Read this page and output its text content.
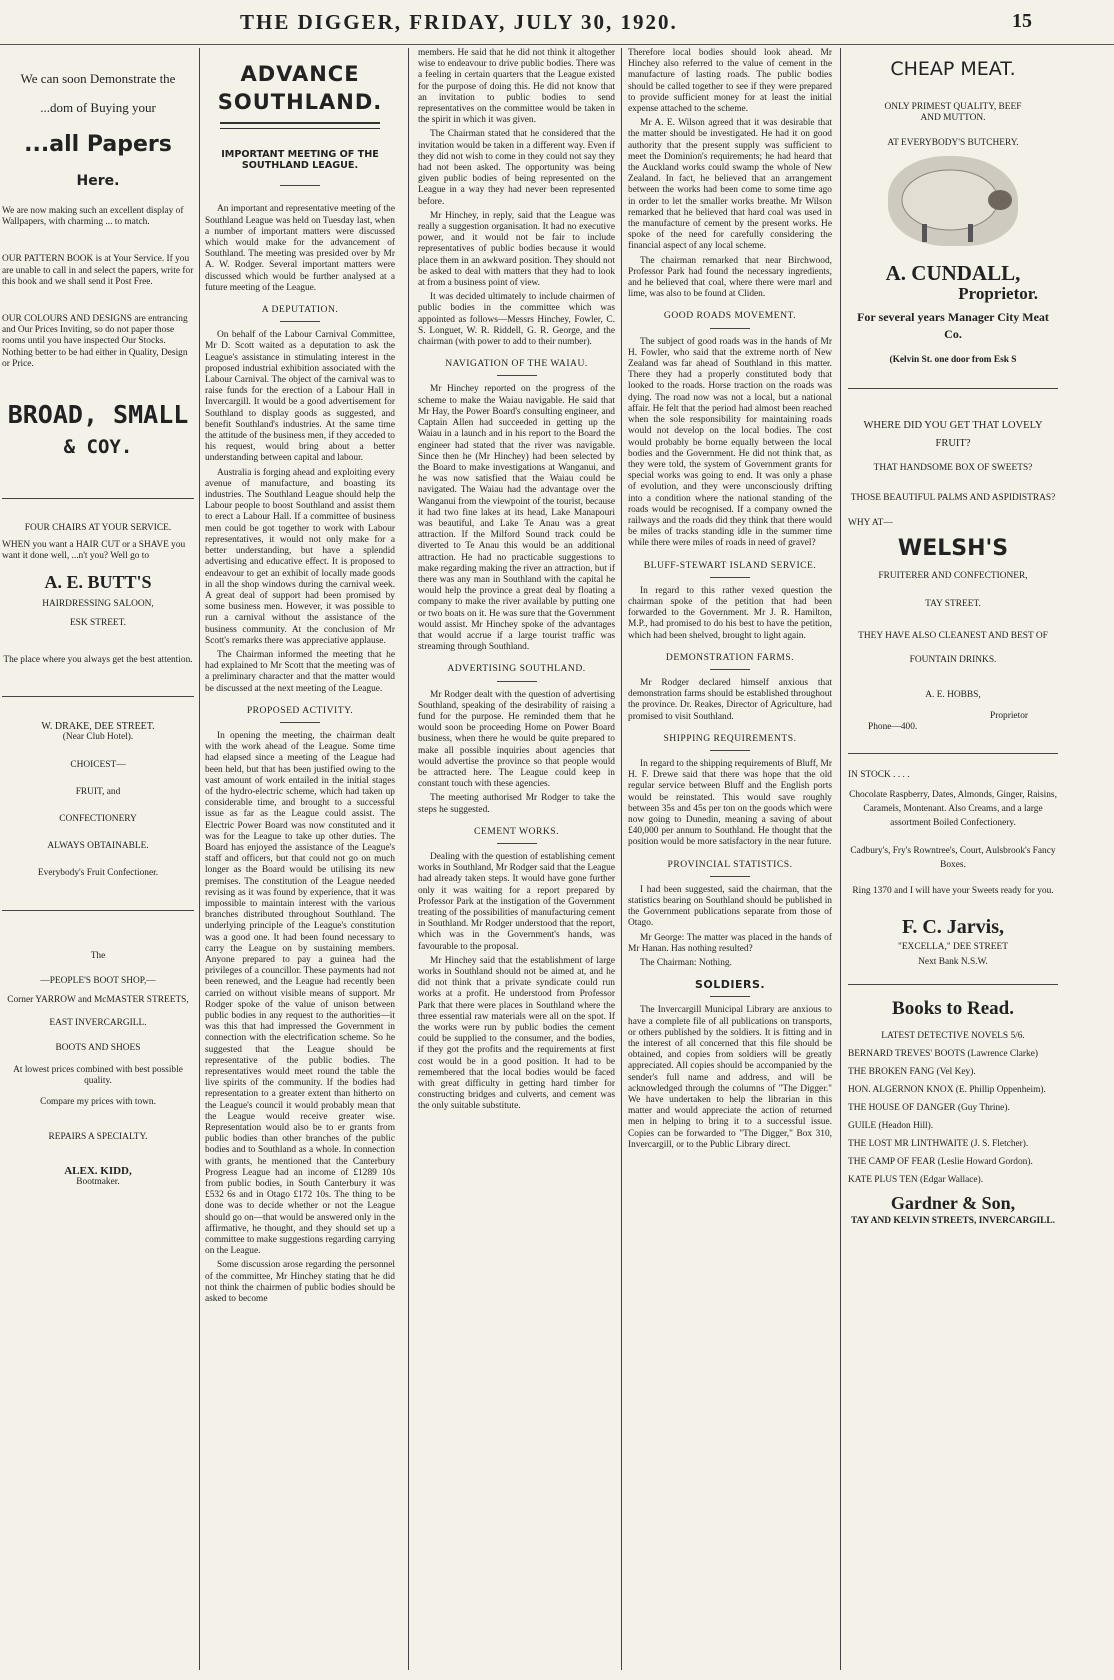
THE DIGGER, FRIDAY, JULY 30, 1920.	15
We can soon Demonstrate the
...dom of Buying your
...all Papers
Here.

We are now making such an excellent display of Wallpapers, with charming ... to match.

OUR PATTERN BOOK is at Your Service. If you are unable to call in and select the papers, write for this book and we shall send it Post Free.

OUR COLOURS AND DESIGNS are entrancing and Our Prices Inviting, so do not paper those rooms until you have inspected Our Stocks. Nothing better to be had either in Quality, Design or Price.

BROAD, SMALL
& COY.
FOUR CHAIRS AT YOUR SERVICE.

WHEN you want a HAIR CUT or a SHAVE you want it done well, ...n't you? Well go to

A. E. BUTT'S
HAIRDRESSING SALOON,
ESK STREET.

The place where you always get the best attention.

W. DRAKE, DEE STREET.
(Near Club Hotel).
CHOICEST—
FRUIT, and
CONFECTIONERY
ALWAYS OBTAINABLE.
Everybody's Fruit Confectioner.
The
—PEOPLE'S BOOT SHOP,—
Corner YARROW and McMASTER STREETS,
EAST INVERCARGILL.
BOOTS AND SHOES
At lowest prices combined with best possible quality.
Compare my prices with town.
REPAIRS A SPECIALTY.
ALEX. KIDD,
Bootmaker.
ADVANCE SOUTHLAND.
IMPORTANT MEETING OF THE SOUTHLAND LEAGUE.

An important and representative meeting of the Southland League was held on Tuesday last, when a number of important matters were discussed which would make for the advancement of Southland. The meeting was presided over by Mr A. W. Rodger. Several important matters were discussed which would be further analysed at a future meeting of the League.

A DEPUTATION.

On behalf of the Labour Carnival Committee, Mr D. Scott waited as a deputation to ask the League's assistance in stimulating interest in the proposed industrial exhibition associated with the Labour Carnival. The object of the carnival was to raise funds for the erection of a Labour Hall in Invercargill. It would be a good advertisement for Southland to display goods as suggested, and benefit Southland's industries. At the same time the attitude of the business men, if they acceded to his request, would bring about a better understanding between capital and labour.

Australia is forging ahead and exploiting every avenue of manufacture, and boasting its industries. The Southland League should help the Labour people to boost Southland and assist them to erect a Labour Hall. If a committee of business men could be got together to work with Labour representatives, it would not only make for a better understanding, but have a splendid advertising and educative effect. It is proposed to endeavour to get an exhibit of locally made goods in all the shop windows during the carnival week. A great deal of support had been promised by some business men. However, it was possible to run a carnival without the assistance of the business community. At the conclusion of Mr Scott's remarks there was appreciative applause.

The Chairman informed the meeting that he had explained to Mr Scott that the meeting was of a preliminary character and that the matter would be discussed at the next meeting of the League.

PROPOSED ACTIVITY.

In opening the meeting, the chairman dealt with the work ahead of the League. Some time had elapsed since a meeting of the League had been held, but that has been justified owing to the vast amount of work entailed in the initial stages of the hydro-electric scheme, which had taken up considerable time, and brought to a successful issue as far as the League could assist. The Electric Power Board was now constituted and it was for the League to take up other duties. The Board has enjoyed the assistance of the League's staff and officers, but that could not go on much longer as the Board would be utilising its new premises. The constitution of the League needed revising as it was found by experience, that it was impossible to maintain interest with the various branches distributed throughout Southland. The underlying principle of the League's constitution was a good one. It had been found necessary to carry the League on by sustaining members. Anyone prepared to pay a guinea had the privileges of a councillor. These payments had not been renewed, and the League had recently been carried on without visible means of support. Mr Rodger spoke of the value of unison between public bodies in any request to the authorities—it was this that had impressed the Government in connection with the electrification scheme. So he suggested that the League should be representative of the public bodies. The representatives would meet round the table the live spirits of the community. If the bodies had representation to a greater extent than hitherto on the League's council it would probably mean that the League would receive greater wise. Representation would also be to er grants from public bodies than other branches of the public bodies and to Southland as a whole. In connection with grants, he mentioned that the Canterbury Progress League had an income of £1289 10s from public bodies, in South Canterbury it was £532 6s and in Otago £172 10s. The thing to be done was to decide whether or not the League should go on—that would be answered only in the affirmative, he thought, and they should set up a committee to make suggestions regarding carrying on the League.

Some discussion arose regarding the personnel of the committee, Mr Hinchey stating that he did not think the chairmen of public bodies should be asked to become

members. He said that he did not think it altogether wise to endeavour to drive public bodies. There was a feeling in certain quarters that the League existed for the purpose of doing this. He did not know that an invitation to public bodies to send representatives on the committee would be taken in the spirit in which it was given.

The Chairman stated that he considered that the invitation would be taken in a different way. Even if they did not wish to come in they could not say they had not been asked. The opportunity was being given public bodies of being represented on the League in a way they had never been represented before.

Mr Hinchey, in reply, said that the League was really a suggestion organisation. It had no executive power, and it would not be fair to include representatives of public bodies because it would place them in an awkward position. They should not be asked to deal with matters that they had to look at from a business point of view.

It was decided ultimately to include chairmen of public bodies in the committee which was appointed as follows—Messrs Hinchey, Fowler, C. S. Longuet, W. R. Riddell, G. R. George, and the chairman (with power to add to their number).

NAVIGATION OF THE WAIAU.

Mr Hinchey reported on the progress of the scheme to make the Waiau navigable. He said that Mr Hay, the Power Board's consulting engineer, and Captain Allen had succeeded in getting up the Waiau in a launch and in his report to the Board the engineer had stated that the river was navigable. Since then he (Mr Hinchey) had been selected by the Board to make investigations at Wanganui, and he was now satisfied that the Waiau could be navigated. The Waiau had the advantage over the Wanganui from the viewpoint of the tourist, because it had two fine lakes at its head, Lake Manapouri was beautiful, and Lake Te Anau was a great attraction. If the Milford Sound track could be diverted to Te Anau this would be an additional attraction. He had no practicable suggestions to make regarding making the river an attraction, but if there was any man in Southland with the capital he would help the province a great deal by floating a company to make the river available by putting one or two boats on it. He was sure that the Government would assist. Mr Hinchey spoke of the advantages that would accrue if a large tourist traffic was streaming through Southland.

ADVERTISING SOUTHLAND.

Mr Rodger dealt with the question of advertising Southland, speaking of the desirability of raising a fund for the purpose. He reminded them that he would soon be proceeding Home on Power Board business, when there he would be quite prepared to make all possible inquiries about agencies that would advertise the province so that people would be attracted here. The League could keep in constant touch with these agencies.

The meeting authorised Mr Rodger to take the steps he suggested.

CEMENT WORKS.

Dealing with the question of establishing cement works in Southland, Mr Rodger said that the League had already taken steps. It would have gone further only it was waiting for a report prepared by Professor Park at the instigation of the Government treating of the possibilities of manufacturing cement in Southland. Mr Rodger understood that the report, which was in the Government's hands, was favourable to the proposal.

Mr Hinchey said that the establishment of large works in Southland should not be aimed at, and he did not think that a private syndicate could run works at a profit. He understood from Professor Park that there were places in Southland where the three essential raw materials were all on the spot. If the works were run by public bodies the cement could be supplied to the consumer, and the bodies, if they got the profits and the requirements at first cost would be in a good position. It had to be remembered that the local bodies would be faced with great difficulty in getting hard timber for constructing bridges and culverts, and cement was the only suitable substitute.

Therefore local bodies should look ahead. Mr Hinchey also referred to the value of cement in the manufacture of lasting roads. The public bodies should be called together to see if they were prepared to provide sufficient money for at least the initial expense attached to the scheme.

Mr A. E. Wilson agreed that it was desirable that the matter should be investigated. He had it on good authority that the present supply was sufficient to meet the Dominion's requirements; he had heard that the Auckland works could swamp the whole of New Zealand. In fact, he believed that an arrangement between the works had been come to some time ago in order to let the smaller works breathe. Mr Wilson remarked that he believed that hard coal was used in the manufacture of cement by the present works. He spoke of the need for carefully considering the financial aspect of any local scheme.

The chairman remarked that near Birchwood, Professor Park had found the necessary ingredients, and he believed that coal, where there were marl and lime, was also to be found at Cliden.

GOOD ROADS MOVEMENT.

The subject of good roads was in the hands of Mr H. Fowler, who said that the extreme north of New Zealand was far ahead of Southland in this matter. There they had a properly constituted body that looked to the roads. Horse traction on the roads was dying. The road now was not a local, but a national affair. He felt that the period had almost been reached when the sole responsibility for maintaining roads would not develop on the local bodies. The cost would probably be borne equally between the local bodies and the Government. He did not think that, as they were told, the system of Government grants for special works was going to end. It was only a phase of evolution, and they were unconsciously drifting into a condition where the national standing of the roads would be recognised. If a company owned the railways and the roads did they think that there would be miles of tracks standing idle in the summer time while there were miles of roads in need of gravel?

BLUFF-STEWART ISLAND SERVICE.

In regard to this rather vexed question the chairman spoke of the petition that had been forwarded to the Government. Mr J. R. Hamilton, M.P., had promised to do his best to have the petition, which had been shelved, brought to light again.

DEMONSTRATION FARMS.

Mr Rodger declared himself anxious that demonstration farms should be established throughout the province. Dr. Reakes, Director of Agriculture, had promised to visit Southland.

SHIPPING REQUIREMENTS.

In regard to the shipping requirements of Bluff, Mr H. F. Drewe said that there was hope that the old regular service between Bluff and the English ports would be reinstated. This would save roughly between 35s and 45s per ton on the goods which were now going to Dunedin, meaning a saving of about £40,000 per annum to Southland. He thought that the position would be more satisfactory in the near future.

PROVINCIAL STATISTICS.

I had been suggested, said the chairman, that the statistics bearing on Southland should be published in the Government publications separate from those of Otago.

Mr George: The matter was placed in the hands of Mr Hanan. Has nothing resulted?

The Chairman: Nothing.

SOLDIERS.

The Invercargill Municipal Library are anxious to have a complete file of all publications on transports, or others published by the soldiers. It is fitting and in the interest of all concerned that this file should be obtained, and copies from soldiers will be greatly appreciated. All copies should be accompanied by the sender's full name and address, and will be acknowledged through the columns of "The Digger." We have undertaken to help the librarian in this matter and would appreciate the action of returned men in helping to bring it to a successful issue. Copies can be forwarded to "The Digger," Box 310, Invercargill, or to the Public Library direct.

CHEAP MEAT.
ONLY PRIMEST QUALITY, BEEF AND MUTTON.
AT EVERYBODY'S BUTCHERY.
A. CUNDALL,
Proprietor.
For several years Manager City Meat Co.
(Kelvin St. one door from Esk S
WHERE DID YOU GET THAT LOVELY FRUIT?
THAT HANDSOME BOX OF SWEETS?
THOSE BEAUTIFUL PALMS AND ASPIDISTRAS?
WHY AT—
WELSH'S
FRUITERER AND CONFECTIONER,
TAY STREET.
THEY HAVE ALSO CLEANEST AND BEST OF FOUNTAIN DRINKS.
A. E. HOBBS,
Proprietor
Phone—400.
IN STOCK . . . .
Chocolate Raspberry, Dates, Almonds, Ginger, Raisins, Caramels, Montenant. Also Creams, and a large assortment Boiled Confectionery.
Cadbury's, Fry's Rowntree's, Court, Aulsbrook's Fancy Boxes.
Ring 1370 and I will have your Sweets ready for you.
F. C. Jarvis,
"EXCELLA," DEE STREET
Next Bank N.S.W.
Books to Read.
LATEST DETECTIVE NOVELS 5/6.
BERNARD TREVES' BOOTS (Lawrence Clarke)
THE BROKEN FANG (Vel Key).
HON. ALGERNON KNOX (E. Phillip Oppenheim).
THE HOUSE OF DANGER (Guy Thrine).
GUILE (Headon Hill).
THE LOST MR LINTHWAITE (J. S. Fletcher).
THE CAMP OF FEAR (Leslie Howard Gordon).
KATE PLUS TEN (Edgar Wallace).
Gardner & Son,
TAY AND KELVIN STREETS, INVERCARGILL.
